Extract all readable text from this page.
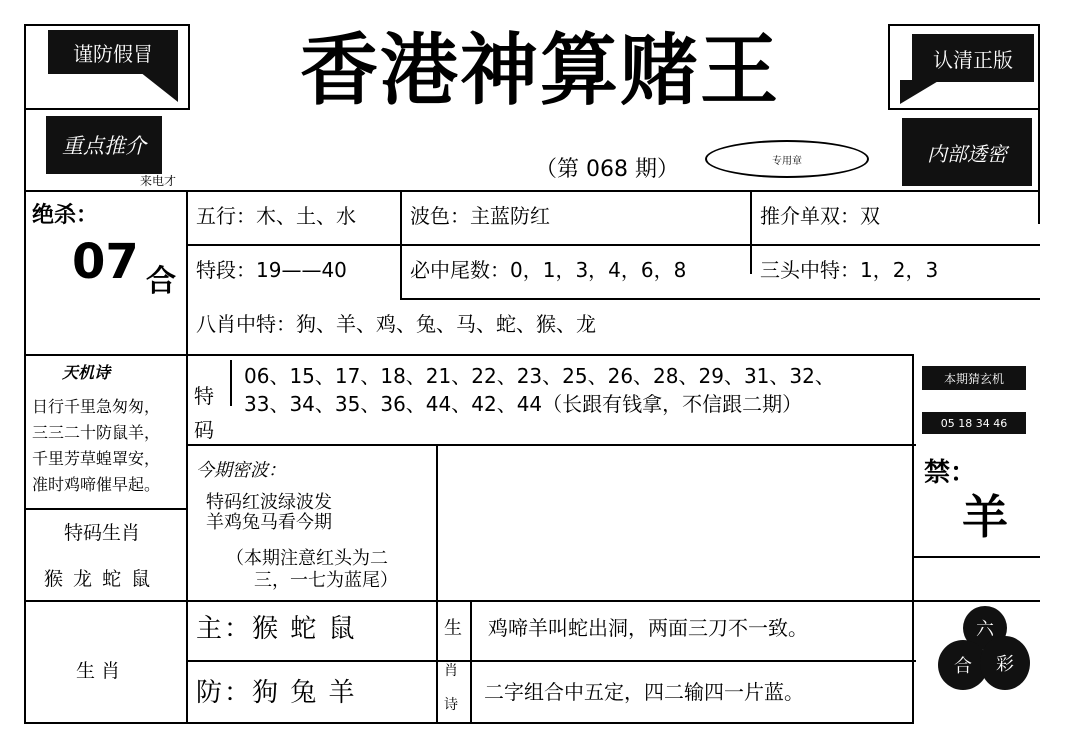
谨防假冒	认清正版
香港神算赌王
重点推介
来电才
内部透密
（第 068 期）	专用章
绝杀：
07 合
五行：木、土、水	波色：主蓝防红	推介单双：双
特段：19——40	必中尾数：0，1，3，4，6，8	三头中特：1，2，3
八肖中特：狗、羊、鸡、兔、马、蛇、猴、龙
天机诗
日行千里急匆匆，
三三二十防鼠羊，
千里芳草蝗罩安，
准时鸡啼催早起。
特
码
06、15、17、18、21、22、23、25、26、28、29、31、32、
33、34、35、36、44、42、44（长跟有钱拿，不信跟二期）
本期猜玄机
05 18 34 46
禁：
羊
今期密波：
特码红波绿波发
羊鸡兔马看今期
（本期注意红头为二
三，一七为蓝尾）
特码生肖
猴 龙 蛇 鼠
生 肖
主：猴 蛇 鼠
防：狗 兔 羊
生
肖
诗
鸡啼羊叫蛇出洞，两面三刀不一致。
二字组合中五定，四二输四一片蓝。
六
合 彩
